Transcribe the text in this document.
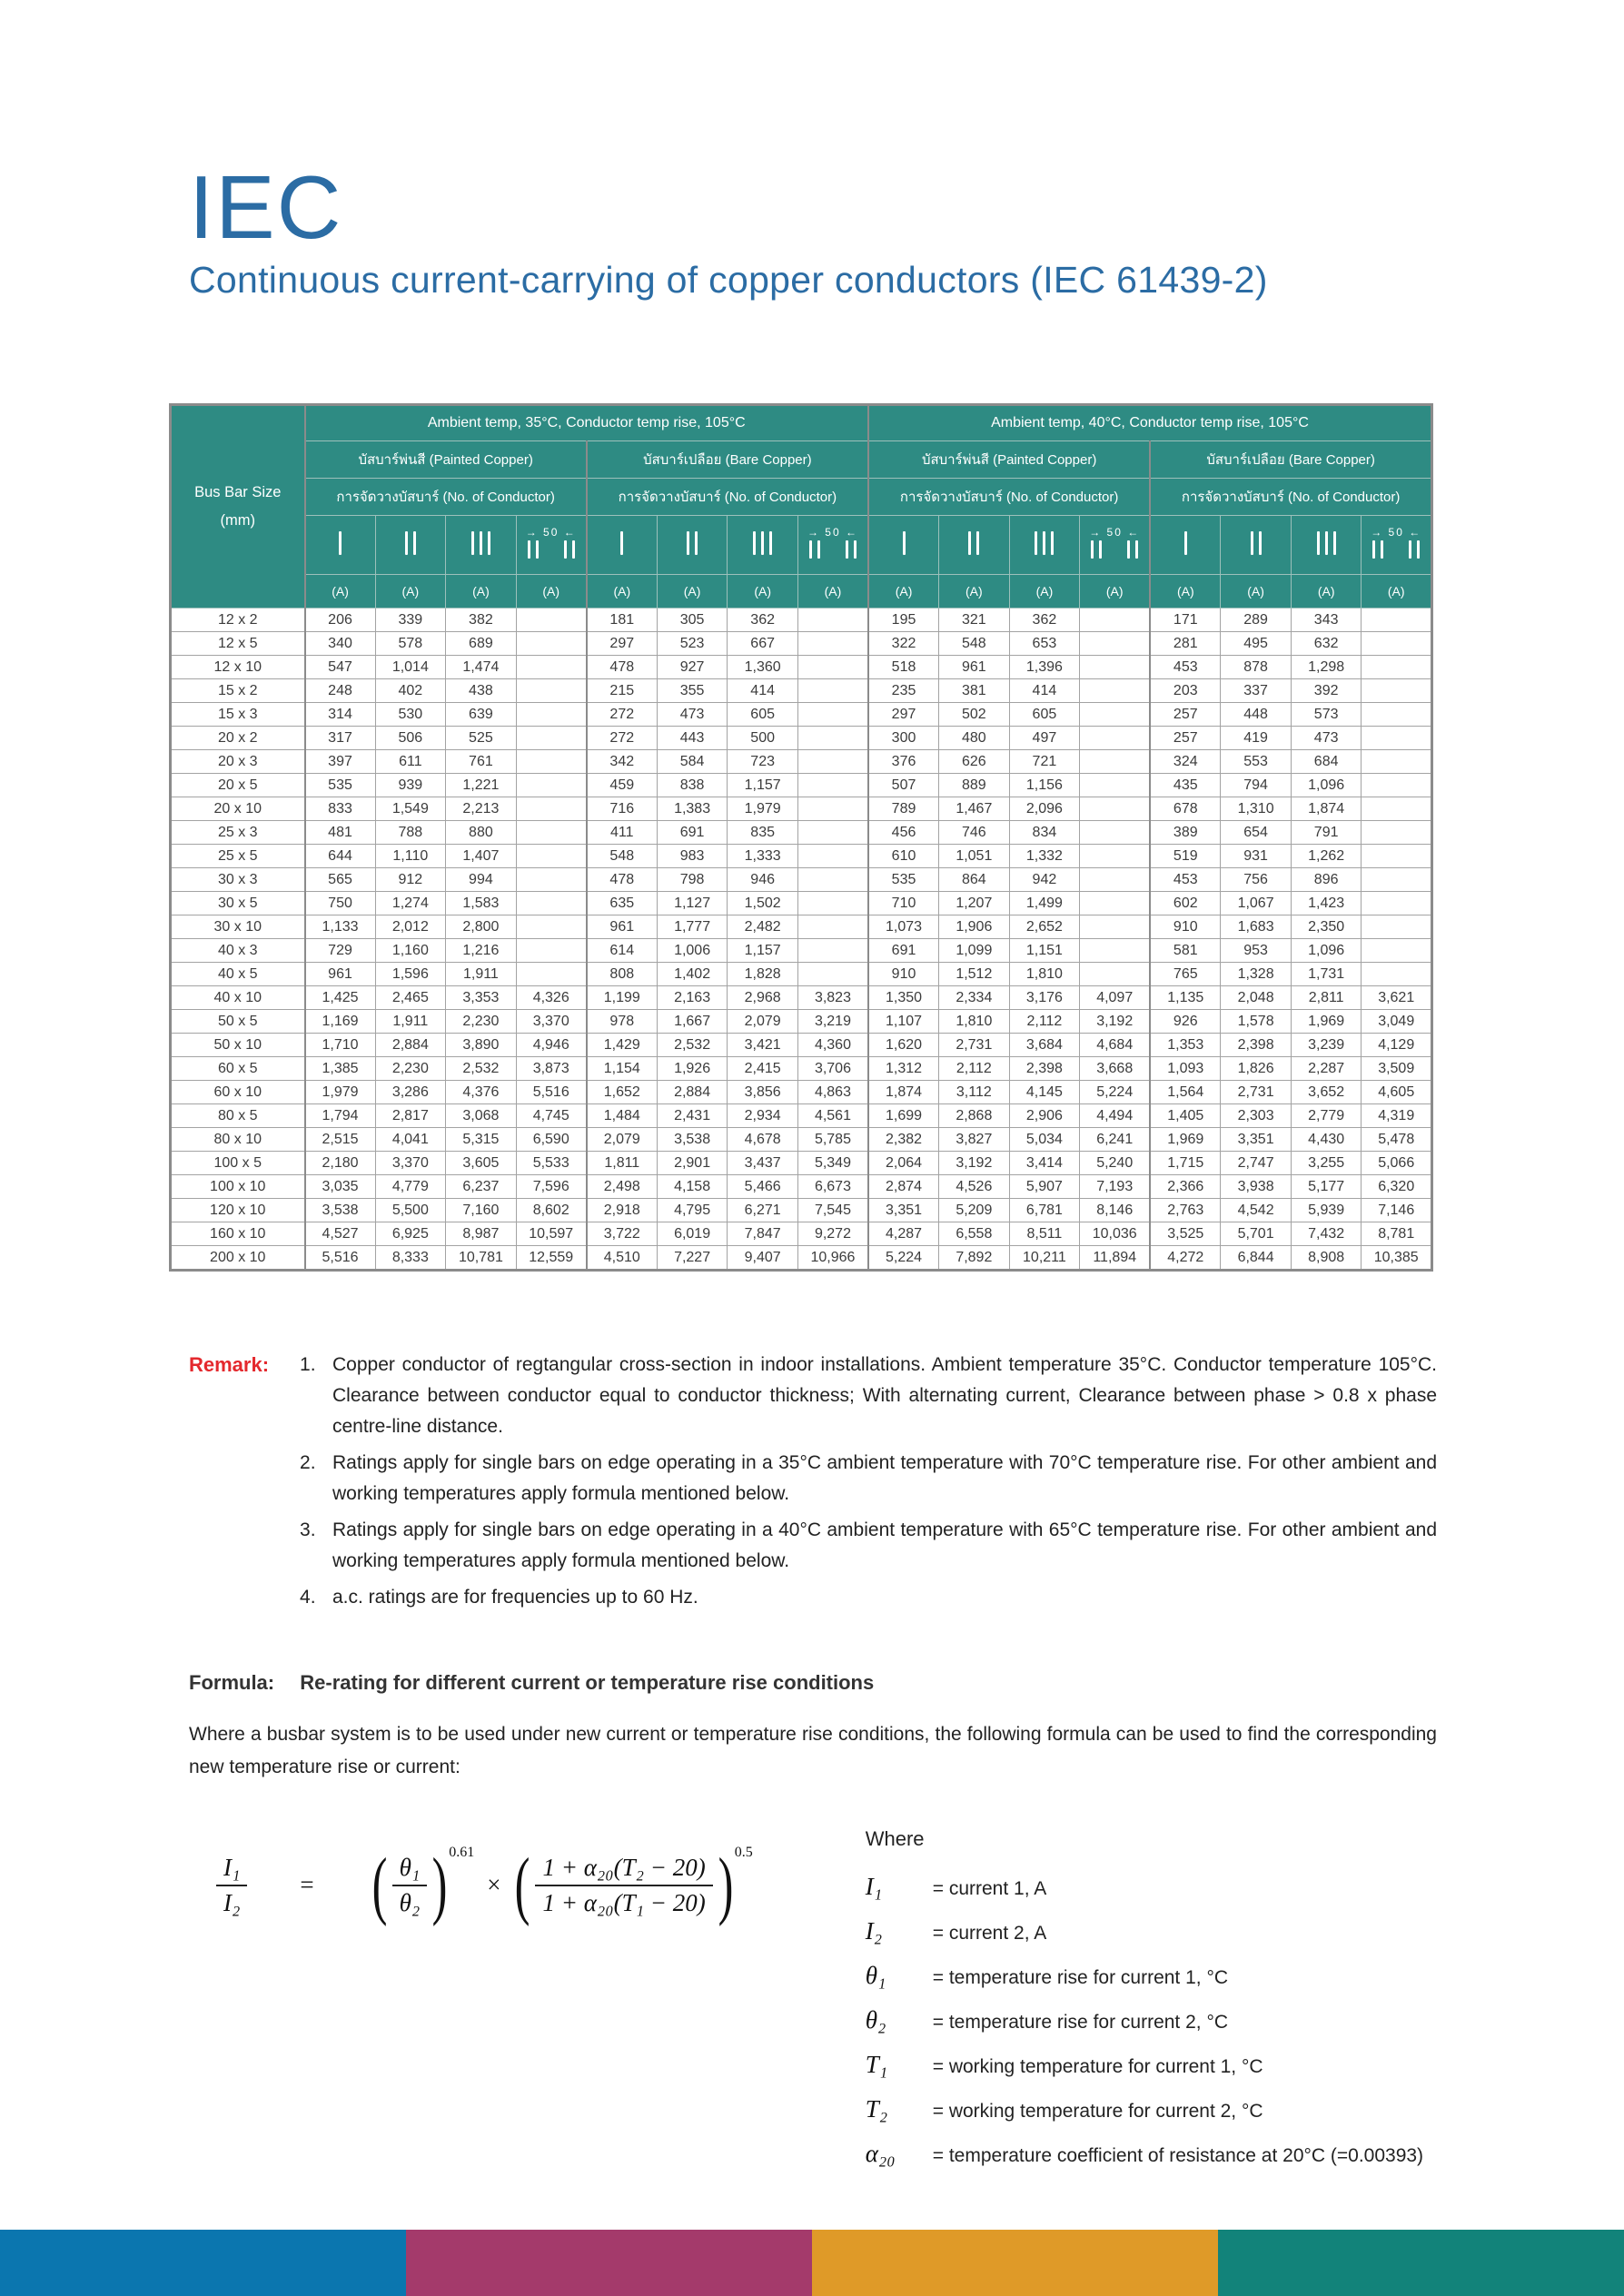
IEC
Continuous current-carrying of copper conductors (IEC 61439-2)
Bus Bar Size
(mm)	Ambient temp, 35°C, Conductor temp rise, 105°C								Ambient temp, 40°C, Conductor temp rise, 105°C							
	บัสบาร์พ่นสี (Painted Copper)				บัสบาร์เปลือย (Bare Copper)				บัสบาร์พ่นสี (Painted Copper)				บัสบาร์เปลือย (Bare Copper)			
	การจัดวางบัสบาร์ (No. of Conductor)				การจัดวางบัสบาร์ (No. of Conductor)				การจัดวางบัสบาร์ (No. of Conductor)				การจัดวางบัสบาร์ (No. of Conductor)			

				→ 50 ←				→ 50 ←				→ 50 ←				→ 50 ←

	(A)	(A)	(A)	(A)	(A)	(A)	(A)	(A)	(A)	(A)	(A)	(A)	(A)	(A)	(A)	(A)
12 x 2	206	339	382		181	305	362		195	321	362		171	289	343	
12 x 5	340	578	689		297	523	667		322	548	653		281	495	632	
12 x 10	547	1,014	1,474		478	927	1,360		518	961	1,396		453	878	1,298	
15 x 2	248	402	438		215	355	414		235	381	414		203	337	392	
15 x 3	314	530	639		272	473	605		297	502	605		257	448	573	
20 x 2	317	506	525		272	443	500		300	480	497		257	419	473	
20 x 3	397	611	761		342	584	723		376	626	721		324	553	684	
20 x 5	535	939	1,221		459	838	1,157		507	889	1,156		435	794	1,096	
20 x 10	833	1,549	2,213		716	1,383	1,979		789	1,467	2,096		678	1,310	1,874	
25 x 3	481	788	880		411	691	835		456	746	834		389	654	791	
25 x 5	644	1,110	1,407		548	983	1,333		610	1,051	1,332		519	931	1,262	
30 x 3	565	912	994		478	798	946		535	864	942		453	756	896	
30 x 5	750	1,274	1,583		635	1,127	1,502		710	1,207	1,499		602	1,067	1,423	
30 x 10	1,133	2,012	2,800		961	1,777	2,482		1,073	1,906	2,652		910	1,683	2,350	
40 x 3	729	1,160	1,216		614	1,006	1,157		691	1,099	1,151		581	953	1,096	
40 x 5	961	1,596	1,911		808	1,402	1,828		910	1,512	1,810		765	1,328	1,731	
40 x 10	1,425	2,465	3,353	4,326	1,199	2,163	2,968	3,823	1,350	2,334	3,176	4,097	1,135	2,048	2,811	3,621
50 x 5	1,169	1,911	2,230	3,370	978	1,667	2,079	3,219	1,107	1,810	2,112	3,192	926	1,578	1,969	3,049
50 x 10	1,710	2,884	3,890	4,946	1,429	2,532	3,421	4,360	1,620	2,731	3,684	4,684	1,353	2,398	3,239	4,129
60 x 5	1,385	2,230	2,532	3,873	1,154	1,926	2,415	3,706	1,312	2,112	2,398	3,668	1,093	1,826	2,287	3,509
60 x 10	1,979	3,286	4,376	5,516	1,652	2,884	3,856	4,863	1,874	3,112	4,145	5,224	1,564	2,731	3,652	4,605
80 x 5	1,794	2,817	3,068	4,745	1,484	2,431	2,934	4,561	1,699	2,868	2,906	4,494	1,405	2,303	2,779	4,319
80 x 10	2,515	4,041	5,315	6,590	2,079	3,538	4,678	5,785	2,382	3,827	5,034	6,241	1,969	3,351	4,430	5,478
100 x 5	2,180	3,370	3,605	5,533	1,811	2,901	3,437	5,349	2,064	3,192	3,414	5,240	1,715	2,747	3,255	5,066
100 x 10	3,035	4,779	6,237	7,596	2,498	4,158	5,466	6,673	2,874	4,526	5,907	7,193	2,366	3,938	5,177	6,320
120 x 10	3,538	5,500	7,160	8,602	2,918	4,795	6,271	7,545	3,351	5,209	6,781	8,146	2,763	4,542	5,939	7,146
160 x 10	4,527	6,925	8,987	10,597	3,722	6,019	7,847	9,272	4,287	6,558	8,511	10,036	3,525	5,701	7,432	8,781
200 x 10	5,516	8,333	10,781	12,559	4,510	7,227	9,407	10,966	5,224	7,892	10,211	11,894	4,272	6,844	8,908	10,385
Remark:	Copper conductor of regtangular cross-section in indoor installations. Ambient temperature 35°C. Conductor temperature 105°C. Clearance between conductor equal to conductor thickness; With alternating current, Clearance between phase > 0.8 x phase centre-line distance.
Ratings apply for single bars on edge operating in a 35°C ambient temperature with 70°C temperature rise. For other ambient and working temperatures apply formula mentioned below.
Ratings apply for single bars on edge operating in a 40°C ambient temperature with 65°C temperature rise. For other ambient and working temperatures apply formula mentioned below.
a.c. ratings are for frequencies up to 60 Hz.
Formula: Re-rating for different current or temperature rise conditions
Where a busbar system is to be used under new current or temperature rise conditions, the following formula can be used to find the corresponding new temperature rise or current:
$\frac{\text{I₁}}{\text{I₂}}$ = ( $\frac{\text{θ₁}}{\text{θ₂}} )^{0.61}$
× ( $\frac{\text{1 + α₂₀(T₂ − 20)}}{\text{1 + α₂₀(T₁ − 20)}} )^{0.5}$
Where
I₁	= current 1, A
I₂	= current 2, A
θ₁	= temperature rise for current 1, °C
θ₂	= temperature rise for current 2, °C
T₁	= working temperature for current 1, °C
T₂	= working temperature for current 2, °C
α₂₀	= temperature coefficient of resistance at 20°C (=0.00393)
